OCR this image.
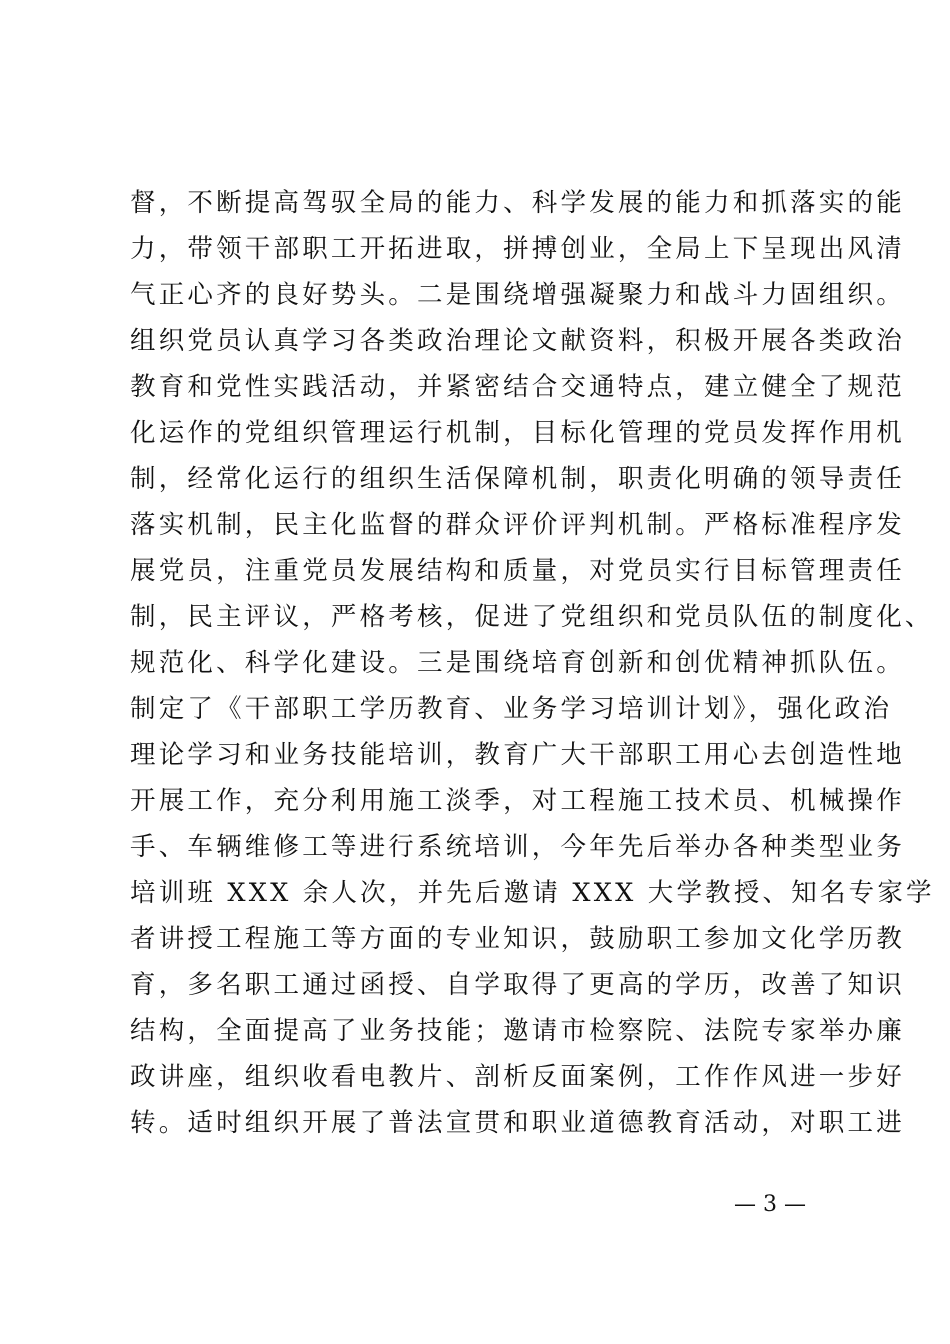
督，不断提高驾驭全局的能力、科学发展的能力和抓落实的能
力，带领干部职工开拓进取，拼搏创业，全局上下呈现出风清
气正心齐的良好势头。二是围绕增强凝聚力和战斗力固组织。
组织党员认真学习各类政治理论文献资料，积极开展各类政治
教育和党性实践活动，并紧密结合交通特点，建立健全了规范
化运作的党组织管理运行机制，目标化管理的党员发挥作用机
制，经常化运行的组织生活保障机制，职责化明确的领导责任
落实机制，民主化监督的群众评价评判机制。严格标准程序发
展党员，注重党员发展结构和质量，对党员实行目标管理责任
制，民主评议，严格考核，促进了党组织和党员队伍的制度化、
规范化、科学化建设。三是围绕培育创新和创优精神抓队伍。
制定了《干部职工学历教育、业务学习培训计划》，强化政治
理论学习和业务技能培训，教育广大干部职工用心去创造性地
开展工作，充分利用施工淡季，对工程施工技术员、机械操作
手、车辆维修工等进行系统培训，今年先后举办各种类型业务
培训班 XXX 余人次，并先后邀请 XXX 大学教授、知名专家学
者讲授工程施工等方面的专业知识，鼓励职工参加文化学历教
育，多名职工通过函授、自学取得了更高的学历，改善了知识
结构，全面提高了业务技能；邀请市检察院、法院专家举办廉
政讲座，组织收看电教片、剖析反面案例，工作作风进一步好
转。适时组织开展了普法宣贯和职业道德教育活动，对职工进
— 3 —
